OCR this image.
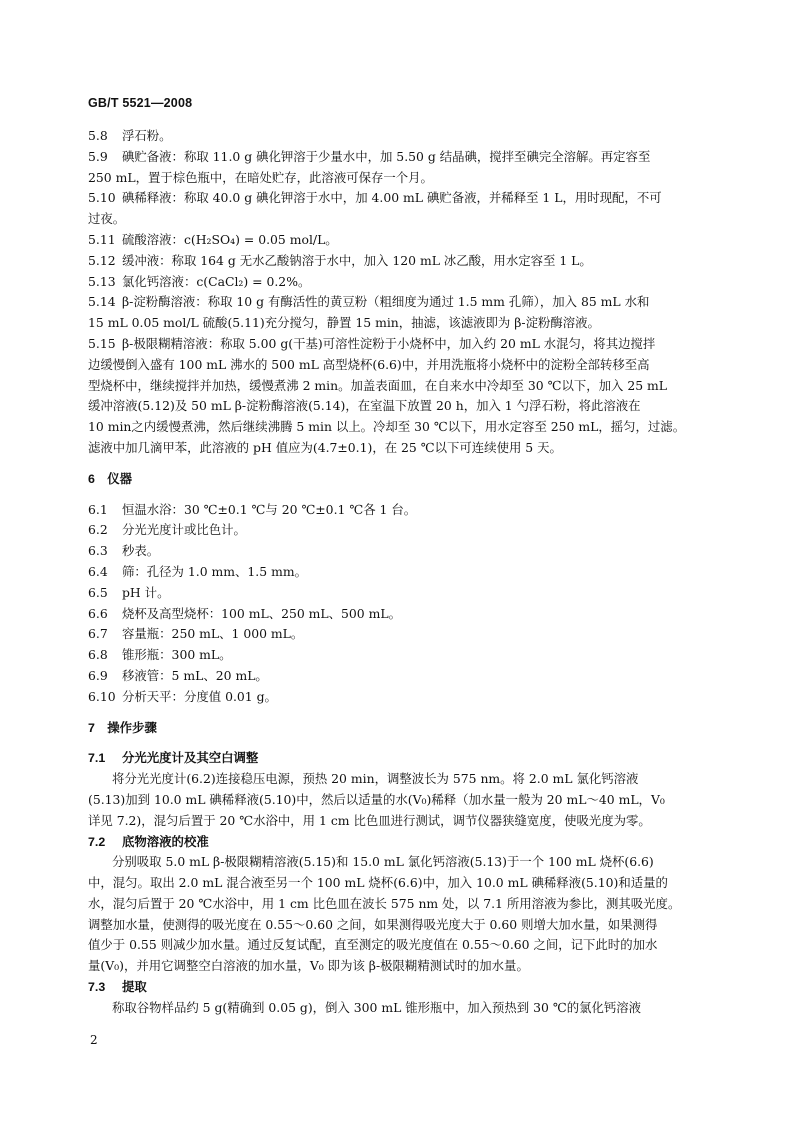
GB/T 5521—2008
5.8	浮石粉。
5.9	碘贮备液：称取 11.0 g 碘化钾溶于少量水中，加 5.50 g 结晶碘，搅拌至碘完全溶解。再定容至
250 mL，置于棕色瓶中，在暗处贮存，此溶液可保存一个月。
5.10 碘稀释液：称取 40.0 g 碘化钾溶于水中，加 4.00 mL 碘贮备液，并稀释至 1 L，用时现配，不可
过夜。
5.11 硫酸溶液：c(H₂SO₄) = 0.05 mol/L。
5.12 缓冲液：称取 164 g 无水乙酸钠溶于水中，加入 120 mL 冰乙酸，用水定容至 1 L。
5.13 氯化钙溶液：c(CaCl₂) = 0.2%。
5.14 β-淀粉酶溶液：称取 10 g 有酶活性的黄豆粉（粗细度为通过 1.5 mm 孔筛），加入 85 mL 水和
15 mL 0.05 mol/L 硫酸(5.11)充分搅匀，静置 15 min，抽滤，该滤液即为 β-淀粉酶溶液。
5.15 β-极限糊精溶液：称取 5.00 g(干基)可溶性淀粉于小烧杯中，加入约 20 mL 水混匀，将其边搅拌
边缓慢倒入盛有 100 mL 沸水的 500 mL 高型烧杯(6.6)中，并用洗瓶将小烧杯中的淀粉全部转移至高
型烧杯中，继续搅拌并加热，缓慢煮沸 2 min。加盖表面皿，在自来水中冷却至 30 ℃以下，加入 25 mL
缓冲溶液(5.12)及 50 mL β-淀粉酶溶液(5.14)，在室温下放置 20 h，加入 1 勺浮石粉，将此溶液在
10 min之内缓慢煮沸，然后继续沸腾 5 min 以上。冷却至 30 ℃以下，用水定容至 250 mL，摇匀，过滤。
滤液中加几滴甲苯，此溶液的 pH 值应为(4.7±0.1)，在 25 ℃以下可连续使用 5 天。
6　仪器
6.1	恒温水浴：30 ℃±0.1 ℃与 20 ℃±0.1 ℃各 1 台。
6.2	分光光度计或比色计。
6.3	秒表。
6.4	筛：孔径为 1.0 mm、1.5 mm。
6.5	pH 计。
6.6	烧杯及高型烧杯：100 mL、250 mL、500 mL。
6.7	容量瓶：250 mL、1 000 mL。
6.8	锥形瓶：300 mL。
6.9	移液管：5 mL、20 mL。
6.10 分析天平：分度值 0.01 g。
7　操作步骤
7.1	分光光度计及其空白调整
将分光光度计(6.2)连接稳压电源，预热 20 min，调整波长为 575 nm。将 2.0 mL 氯化钙溶液
(5.13)加到 10.0 mL 碘稀释液(5.10)中，然后以适量的水(V₀)稀释（加水量一般为 20 mL～40 mL，V₀
详见 7.2)，混匀后置于 20 ℃水浴中，用 1 cm 比色皿进行测试，调节仪器狭缝宽度，使吸光度为零。
7.2	底物溶液的校准
分别吸取 5.0 mL β-极限糊精溶液(5.15)和 15.0 mL 氯化钙溶液(5.13)于一个 100 mL 烧杯(6.6)
中，混匀。取出 2.0 mL 混合液至另一个 100 mL 烧杯(6.6)中，加入 10.0 mL 碘稀释液(5.10)和适量的
水，混匀后置于 20 ℃水浴中，用 1 cm 比色皿在波长 575 nm 处，以 7.1 所用溶液为参比，测其吸光度。
调整加水量，使测得的吸光度在 0.55～0.60 之间，如果测得吸光度大于 0.60 则增大加水量，如果测得
值少于 0.55 则减少加水量。通过反复试配，直至测定的吸光度值在 0.55～0.60 之间，记下此时的加水
量(V₀)，并用它调整空白溶液的加水量，V₀ 即为该 β-极限糊精测试时的加水量。
7.3	提取
称取谷物样品约 5 g(精确到 0.05 g)，倒入 300 mL 锥形瓶中，加入预热到 30 ℃的氯化钙溶液
2
